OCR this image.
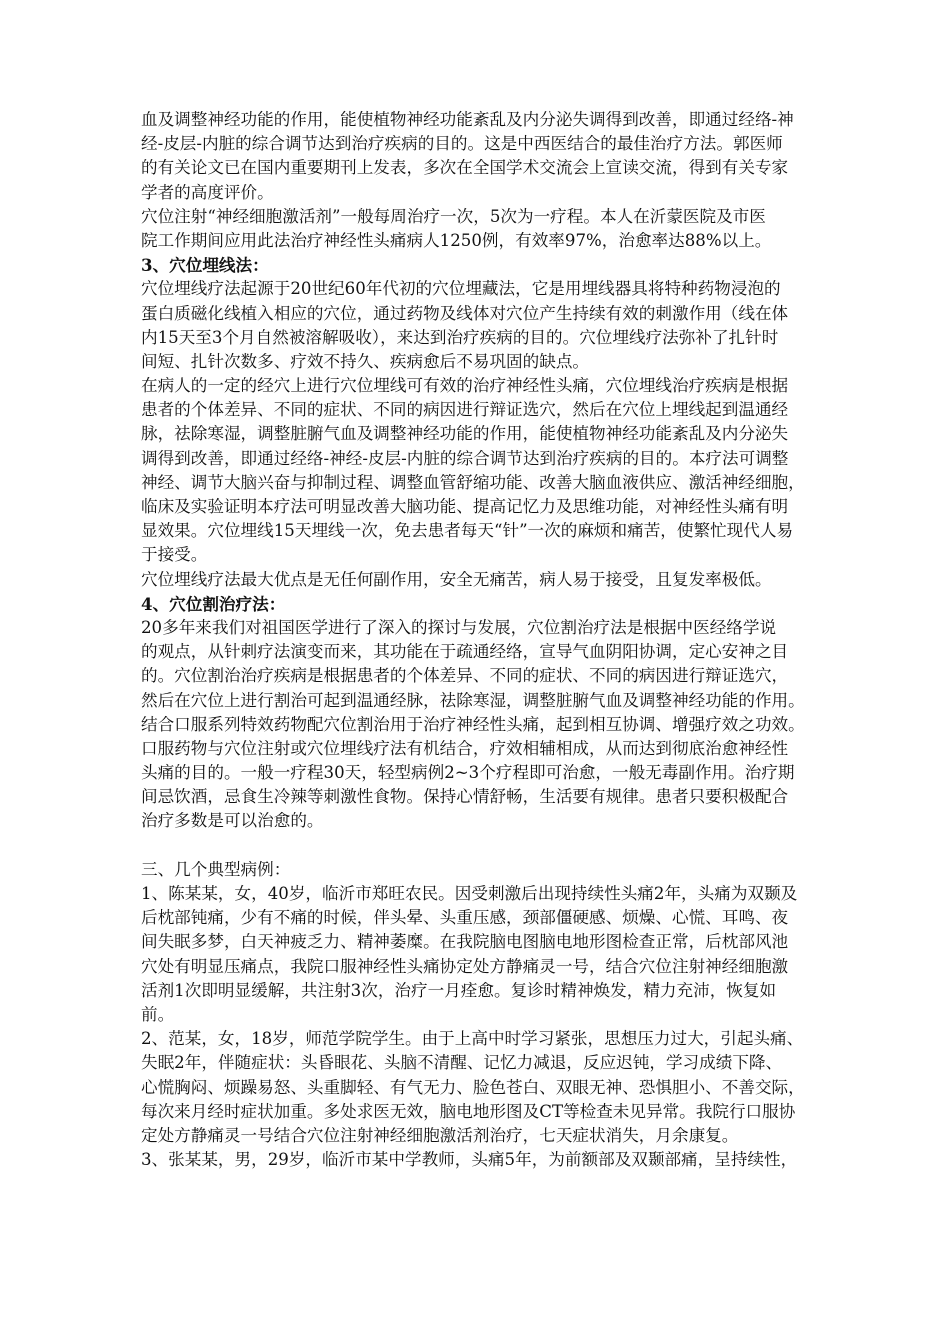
血及调整神经功能的作用，能使植物神经功能紊乱及内分泌失调得到改善，即通过经络-神
经-皮层-内脏的综合调节达到治疗疾病的目的。这是中西医结合的最佳治疗方法。郭医师
的有关论文已在国内重要期刊上发表，多次在全国学术交流会上宣读交流，得到有关专家
学者的高度评价。
穴位注射“神经细胞激活剂”一般每周治疗一次，5次为一疗程。本人在沂蒙医院及市医
院工作期间应用此法治疗神经性头痛病人1250例，有效率97%，治愈率达88%以上。
3、穴位埋线法：
穴位埋线疗法起源于20世纪60年代初的穴位埋藏法，它是用埋线器具将特种药物浸泡的
蛋白质磁化线植入相应的穴位，通过药物及线体对穴位产生持续有效的刺激作用（线在体
内15天至3个月自然被溶解吸收），来达到治疗疾病的目的。穴位埋线疗法弥补了扎针时
间短、扎针次数多、疗效不持久、疾病愈后不易巩固的缺点。
在病人的一定的经穴上进行穴位埋线可有效的治疗神经性头痛，穴位埋线治疗疾病是根据
患者的个体差异、不同的症状、不同的病因进行辩证选穴，然后在穴位上埋线起到温通经
脉，祛除寒湿，调整脏腑气血及调整神经功能的作用，能使植物神经功能紊乱及内分泌失
调得到改善，即通过经络-神经-皮层-内脏的综合调节达到治疗疾病的目的。本疗法可调整
神经、调节大脑兴奋与抑制过程、调整血管舒缩功能、改善大脑血液供应、激活神经细胞，
临床及实验证明本疗法可明显改善大脑功能、提高记忆力及思维功能，对神经性头痛有明
显效果。穴位埋线15天埋线一次，免去患者每天“针”一次的麻烦和痛苦，使繁忙现代人易
于接受。
穴位埋线疗法最大优点是无任何副作用，安全无痛苦，病人易于接受，且复发率极低。
4、穴位割治疗法：
20多年来我们对祖国医学进行了深入的探讨与发展，穴位割治疗法是根据中医经络学说
的观点，从针刺疗法演变而来，其功能在于疏通经络，宣导气血阴阳协调，定心安神之目
的。穴位割治治疗疾病是根据患者的个体差异、不同的症状、不同的病因进行辩证选穴，
然后在穴位上进行割治可起到温通经脉，祛除寒湿，调整脏腑气血及调整神经功能的作用。
结合口服系列特效药物配穴位割治用于治疗神经性头痛，起到相互协调、增强疗效之功效。
口服药物与穴位注射或穴位埋线疗法有机结合，疗效相辅相成，从而达到彻底治愈神经性
头痛的目的。一般一疗程30天，轻型病例2~3个疗程即可治愈，一般无毒副作用。治疗期
间忌饮酒，忌食生冷辣等刺激性食物。保持心情舒畅，生活要有规律。患者只要积极配合
治疗多数是可以治愈的。
三、几个典型病例：
1、陈某某，女，40岁，临沂市郑旺农民。因受刺激后出现持续性头痛2年，头痛为双颞及
后枕部钝痛，少有不痛的时候，伴头晕、头重压感，颈部僵硬感、烦燥、心慌、耳鸣、夜
间失眠多梦，白天神疲乏力、精神萎糜。在我院脑电图脑电地形图检查正常，后枕部风池
穴处有明显压痛点，我院口服神经性头痛协定处方静痛灵一号，结合穴位注射神经细胞激
活剂1次即明显缓解，共注射3次，治疗一月痊愈。复诊时精神焕发，精力充沛，恢复如
前。
2、范某，女，18岁，师范学院学生。由于上高中时学习紧张，思想压力过大，引起头痛、
失眠2年，伴随症状：头昏眼花、头脑不清醒、记忆力减退，反应迟钝，学习成绩下降、
心慌胸闷、烦躁易怒、头重脚轻、有气无力、脸色苍白、双眼无神、恐惧胆小、不善交际，
每次来月经时症状加重。多处求医无效，脑电地形图及CT等检查未见异常。我院行口服协
定处方静痛灵一号结合穴位注射神经细胞激活剂治疗，七天症状消失，月余康复。
3、张某某，男，29岁，临沂市某中学教师，头痛5年，为前额部及双颞部痛，呈持续性，
